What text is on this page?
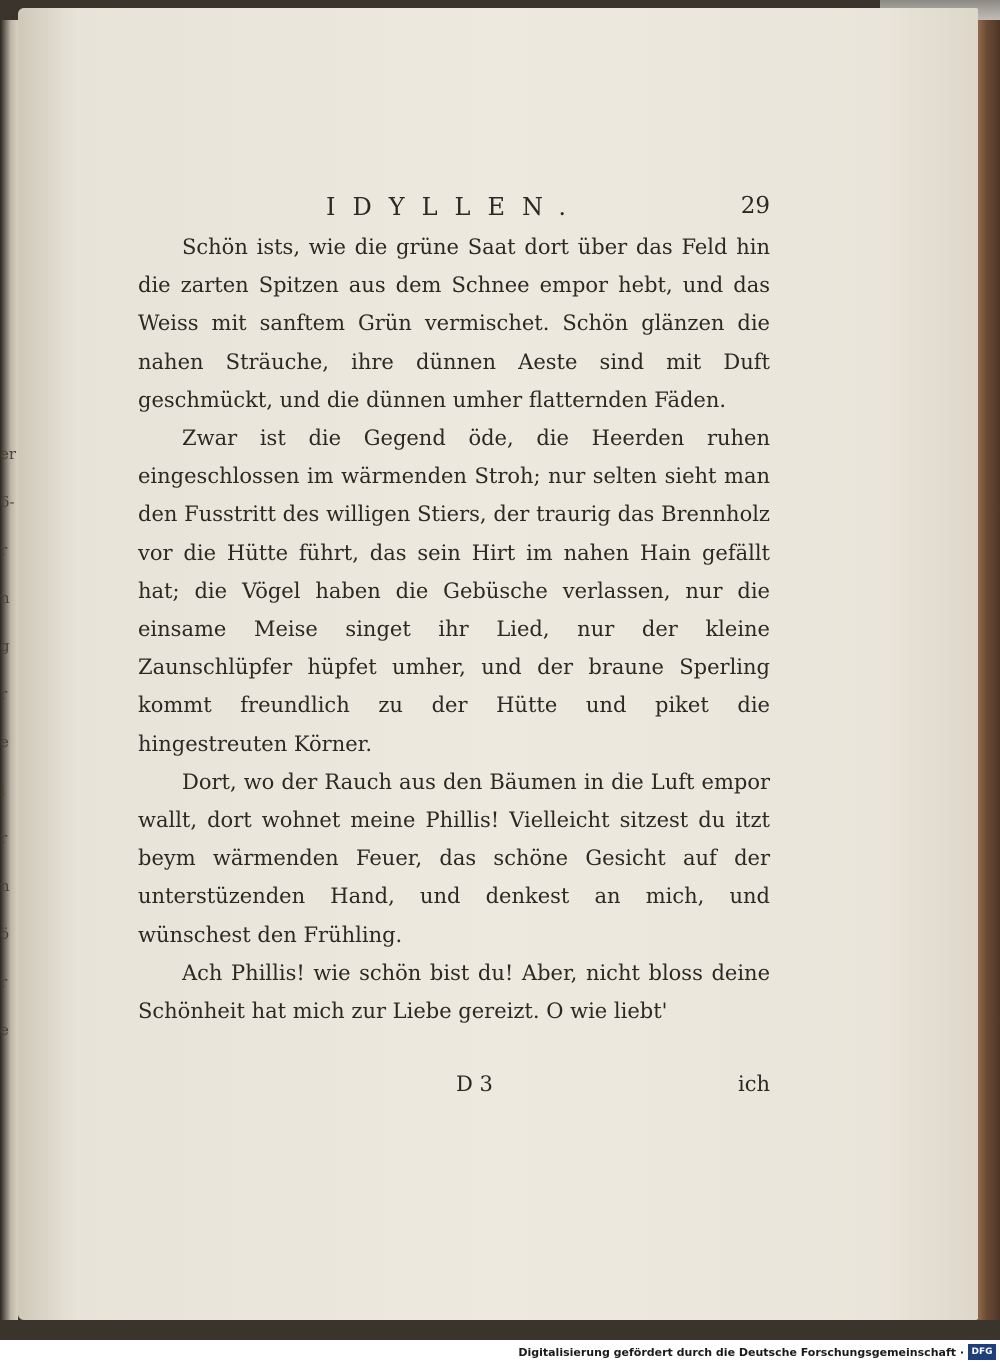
er
6-
r
n
g
r
e
i
r
n
ö
r
e
IDYLLEN.	29

Schön ists, wie die grüne Saat dort über das Feld hin die zarten Spitzen aus dem Schnee empor hebt, und das Weiss mit sanftem Grün vermischet. Schön glänzen die nahen Sträuche, ihre dünnen Aeste sind mit Duft geschmückt, und die dünnen umher flatternden Fäden.

Zwar ist die Gegend öde, die Heerden ruhen eingeschlossen im wärmenden Stroh; nur selten sieht man den Fusstritt des willigen Stiers, der traurig das Brennholz vor die Hütte führt, das sein Hirt im nahen Hain gefällt hat; die Vögel haben die Gebüsche verlassen, nur die einsame Meise singet ihr Lied, nur der kleine Zaunschlüpfer hüpfet umher, und der braune Sperling kommt freundlich zu der Hütte und piket die hingestreuten Körner.

Dort, wo der Rauch aus den Bäumen in die Luft empor wallt, dort wohnet meine Phillis! Vielleicht sitzest du itzt beym wärmenden Feuer, das schöne Gesicht auf der unterstüzenden Hand, und denkest an mich, und wünschest den Frühling.

Ach Phillis! wie schön bist du! Aber, nicht bloss deine Schönheit hat mich zur Liebe gereizt. O wie liebt'

D 3	ich
Digitalisierung gefördert durch die Deutsche Forschungsgemeinschaft · DFG
